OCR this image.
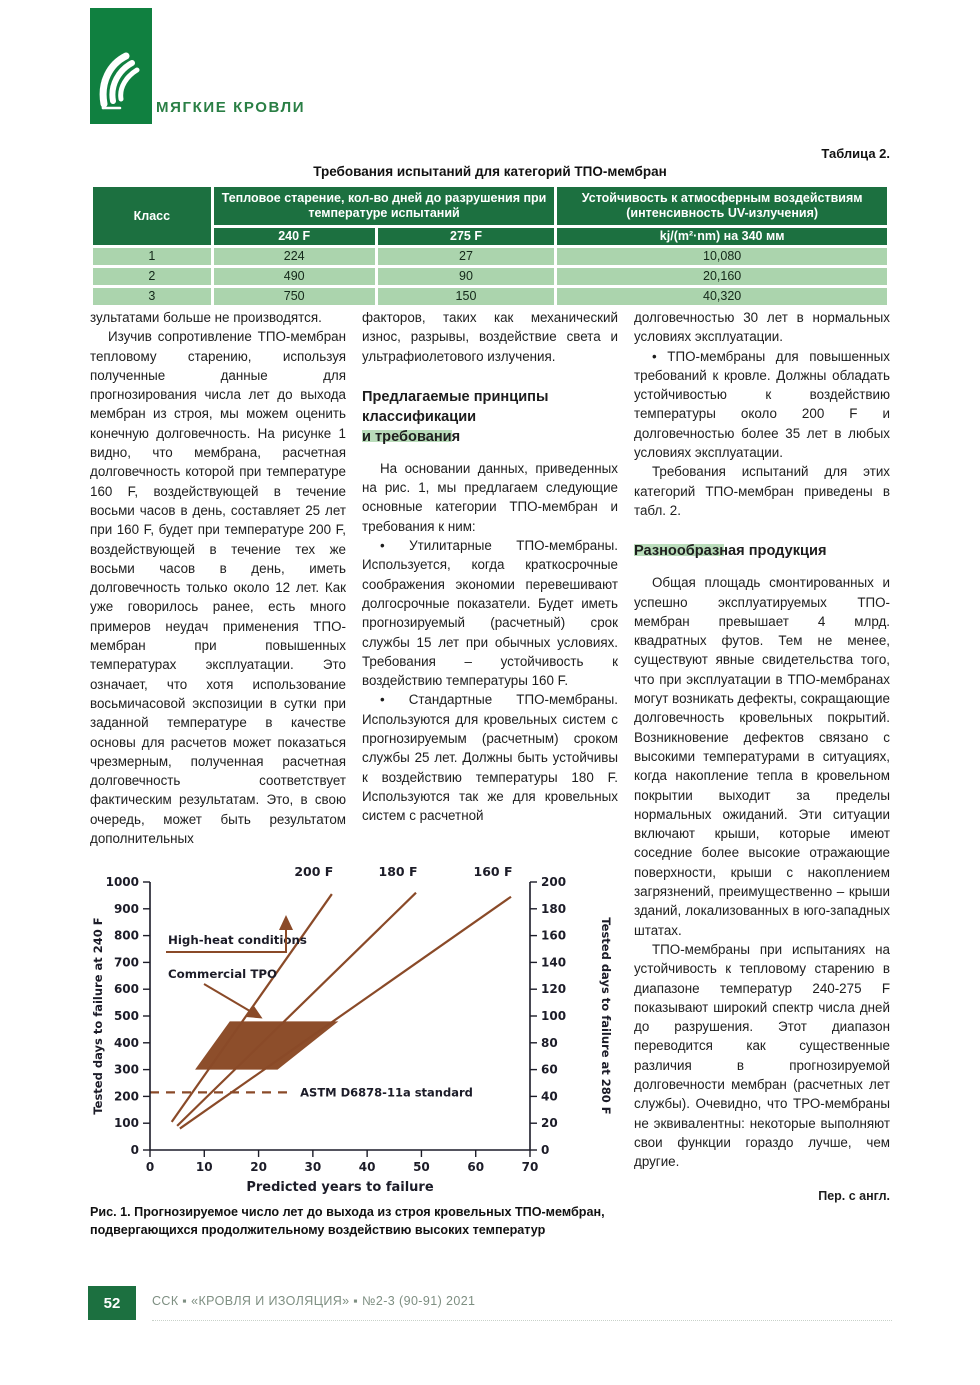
МЯГКИЕ КРОВЛИ
Таблица 2.
Требования испытаний для категорий ТПО-мембран
Класс	Тепловое старение, кол-во дней до разрушения при температуре испытаний		Устойчивость к атмосферным воздействиям (интенсивность UV-излучения)
	240 F	275 F	kj/(m²·nm) на 340 мм
1	224	27	10,080
2	490	90	20,160
3	750	150	40,320

зультатами больше не производятся.

Изучив сопротивление ТПО-мембран тепловому старению, используя полученные данные для прогнозирования числа лет до выхода мембран из строя, мы можем оценить конечную долговечность. На рисунке 1 видно, что мембрана, расчетная долговечность которой при температуре 160 F, воздействующей в течение восьми часов в день, составляет 25 лет при 160 F, будет при температуре 200 F, воздействующей в течение тех же восьми часов в день, иметь долговечность только около 12 лет. Как уже говорилось ранее, есть много примеров неудач применения ТПО-мембран при повышенных температурах эксплуатации. Это означает, что хотя использование восьмичасовой экспозиции в сутки при заданной температуре в качестве основы для расчетов может показаться чрезмерным, полученная расчетная долговечность соответствует фактическим результатам. Это, в свою очередь, может быть результатом дополнительных

факторов, таких как механический износ, разрывы, воздействие света и ультрафиолетового излучения.

Предлагаемые принципы
классификации
и требования

На основании данных, приведенных на рис. 1, мы предлагаем следующие основные категории ТПО-мембран и требования к ним:

• Утилитарные ТПО-мембраны. Используется, когда краткосрочные соображения экономии перевешивают долгосрочные показатели. Будет иметь прогнозируемый (расчетный) срок службы 15 лет при обычных условиях. Требования – устойчивость к воздействию температуры 160 F.

• Стандартные ТПО-мембраны. Используются для кровельных систем с прогнозируемым (расчетным) сроком службы 25 лет. Должны быть устойчивы к воздействию температуры 180 F. Используются так же для кровельных систем с расчетной

долговечностью 30 лет в нормальных условиях эксплуатации.

• ТПО-мембраны для повышенных требований к кровле. Должны обладать устойчивостью к воздействию температуры около 200 F и долговечностью более 35 лет в любых условиях эксплуатации.

Требования испытаний для этих категорий ТПО-мембран приведены в табл. 2.

Разнообразная продукция

Общая площадь смонтированных и успешно эксплуатируемых ТПО-мембран превышает 4 млрд. квадратных футов. Тем не менее, существуют явные свидетельства того, что при эксплуатации в ТПО-мембранах могут возникать дефекты, сокращающие долговечность кровельных покрытий. Возникновение дефектов связано с высокими температурами в ситуациях, когда накопление тепла в кровельном покрытии выходит за пределы нормальных ожиданий. Эти ситуации включают крыши, которые имеют соседние более высокие отражающие поверхности, крыши с накоплением загрязнений, преимущественно – крыши зданий, локализованных в юго-западных штатах.

ТПО-мембраны при испытаниях на устойчивость к тепловому старению в диапазоне температур 240-275 F показывают широкий спектр числа дней до разрушения. Этот диапазон переводится как существенные различия в прогнозируемой долговечности мембран (расчетных лет службы). Очевидно, что ТРО-мембраны не эквивалентны: некоторые выполняют свои функции гораздо лучше, чем другие.

Пер. с англ.

200 F	180 F	160 F
ASTM D6878-11a standard
High-heat conditions
Commercial TPO
0
100
200
300
400
500
600
700
800
900
1000
0
20
40
60
80
100
120
140
160
180
200
0	10	20	30	40	50	60	70
Tested days to failure at 240 F	Tested days to failure at 280 F
Predicted years to failure
Рис. 1. Прогнозируемое число лет до выхода из строя кровельных ТПО-мембран, подвергающихся продолжительному воздействию высоких температур
52	ССК ▪ «КРОВЛЯ И ИЗОЛЯЦИЯ» ▪ №2-3 (90-91) 2021
